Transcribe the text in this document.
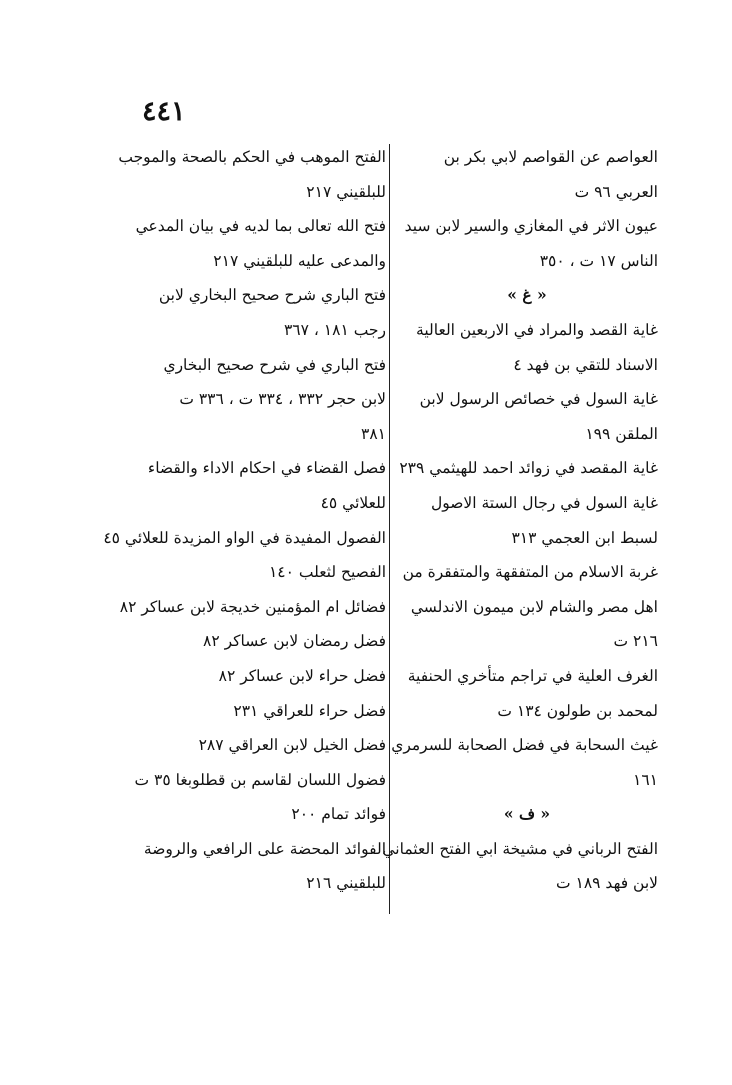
٤٤١
العواصم عن القواصم لابي بكر بن
العربي ٩٦ ت
عيون الاثر في المغازي والسير لابن سيد
الناس ١٧ ت ، ٣٥٠
« غ »
غاية القصد والمراد في الاربعين العالية
الاسناد للتقي بن فهد ٤
غاية السول في خصائص الرسول لابن
الملقن ١٩٩
غاية المقصد في زوائد احمد للهيثمي ٢٣٩
غاية السول في رجال الستة الاصول
لسبط ابن العجمي ٣١٣
غربة الاسلام من المتفقهة والمتفقرة من
اهل مصر والشام لابن ميمون الاندلسي
٢١٦ ت
الغرف العلية في تراجم متأخري الحنفية
لمحمد بن طولون ١٣٤ ت
غيث السحابة في فضل الصحابة للسرمري
١٦١
« ف »
الفتح الرباني في مشيخة ابي الفتح العثماني
لابن فهد ١٨٩ ت
الفتح الموهب في الحكم بالصحة والموجب
للبلقيني ٢١٧
فتح الله تعالى بما لديه في بيان المدعي
والمدعى عليه للبلقيني ٢١٧
فتح الباري شرح صحيح البخاري لابن
رجب ١٨١ ، ٣٦٧
فتح الباري في شرح صحيح البخاري
لابن حجر ٣٣٢ ، ٣٣٤ ت ، ٣٣٦ ت
٣٨١
فصل القضاء في احكام الاداء والقضاء
للعلائي ٤٥
الفصول المفيدة في الواو المزيدة للعلائي ٤٥
الفصيح لثعلب ١٤٠
فضائل ام المؤمنين خديجة لابن عساكر ٨٢
فضل رمضان لابن عساكر ٨٢
فضل حراء لابن عساكر ٨٢
فضل حراء للعراقي ٢٣١
فضل الخيل لابن العراقي ٢٨٧
فضول اللسان لقاسم بن قطلوبغا ٣٥ ت
فوائد تمام ٢٠٠
الفوائد المحضة على الرافعي والروضة
للبلقيني ٢١٦
